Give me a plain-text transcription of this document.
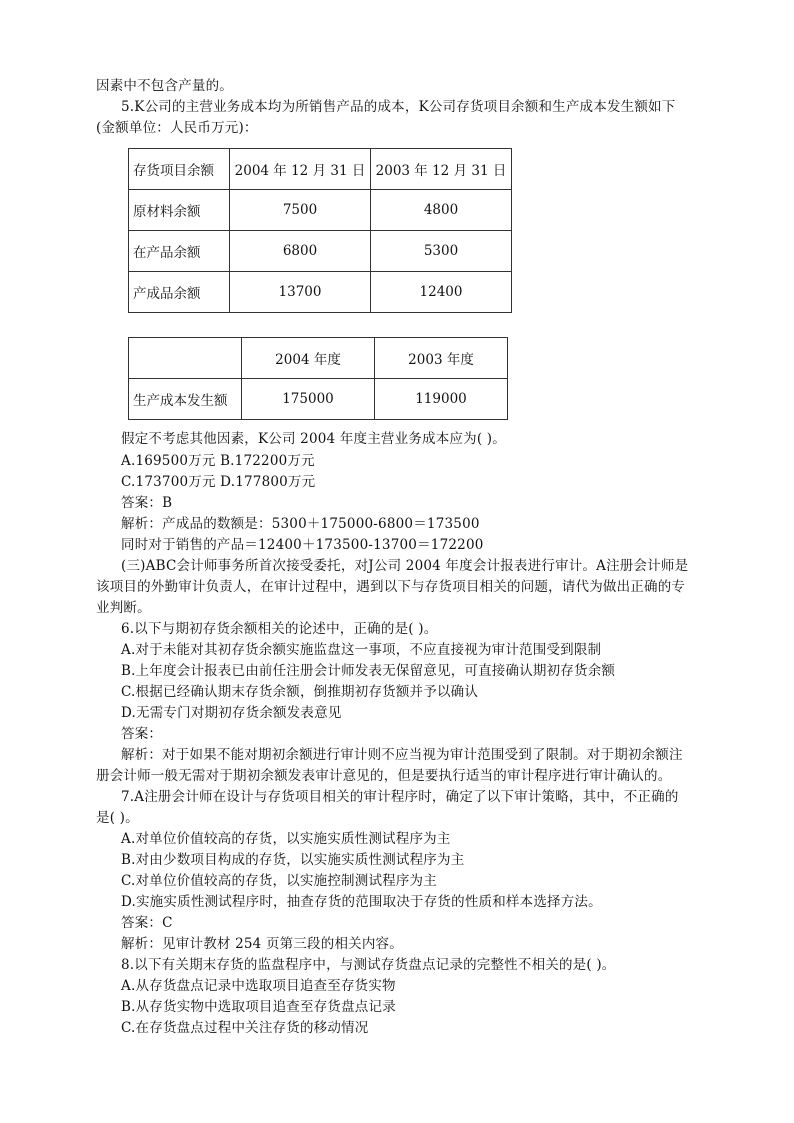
因素中不包含产量的。
5.K公司的主营业务成本均为所销售产品的成本，K公司存货项目余额和生产成本发生额如下
(金额单位：人民币万元)：
存货项目余额	2004 年 12 月 31 日	2003 年 12 月 31 日
原材料余额	7500	4800
在产品余额	6800	5300
产成品余额	13700	12400
	2004 年度	2003 年度
生产成本发生额	175000	119000
假定不考虑其他因素，K公司 2004 年度主营业务成本应为( )。
A.169500万元 B.172200万元
C.173700万元 D.177800万元
答案：B
解析：产成品的数额是：5300＋175000-6800＝173500
同时对于销售的产品＝12400＋173500-13700＝172200
(三)ABC会计师事务所首次接受委托，对J公司 2004 年度会计报表进行审计。A注册会计师是
该项目的外勤审计负责人，在审计过程中，遇到以下与存货项目相关的问题，请代为做出正确的专
业判断。
6.以下与期初存货余额相关的论述中，正确的是( )。
A.对于未能对其初存货余额实施监盘这一事项，不应直接视为审计范围受到限制
B.上年度会计报表已由前任注册会计师发表无保留意见，可直接确认期初存货余额
C.根据已经确认期末存货余额，倒推期初存货额并予以确认
D.无需专门对期初存货余额发表意见
答案：
解析：对于如果不能对期初余额进行审计则不应当视为审计范围受到了限制。对于期初余额注
册会计师一般无需对于期初余额发表审计意见的，但是要执行适当的审计程序进行审计确认的。
7.A注册会计师在设计与存货项目相关的审计程序时，确定了以下审计策略，其中，不正确的
是( )。
A.对单位价值较高的存货，以实施实质性测试程序为主
B.对由少数项目构成的存货，以实施实质性测试程序为主
C.对单位价值较高的存货，以实施控制测试程序为主
D.实施实质性测试程序时，抽查存货的范围取决于存货的性质和样本选择方法。
答案：C
解析：见审计教材 254 页第三段的相关内容。
8.以下有关期末存货的监盘程序中，与测试存货盘点记录的完整性不相关的是( )。
A.从存货盘点记录中选取项目追查至存货实物
B.从存货实物中选取项目追查至存货盘点记录
C.在存货盘点过程中关注存货的移动情况
